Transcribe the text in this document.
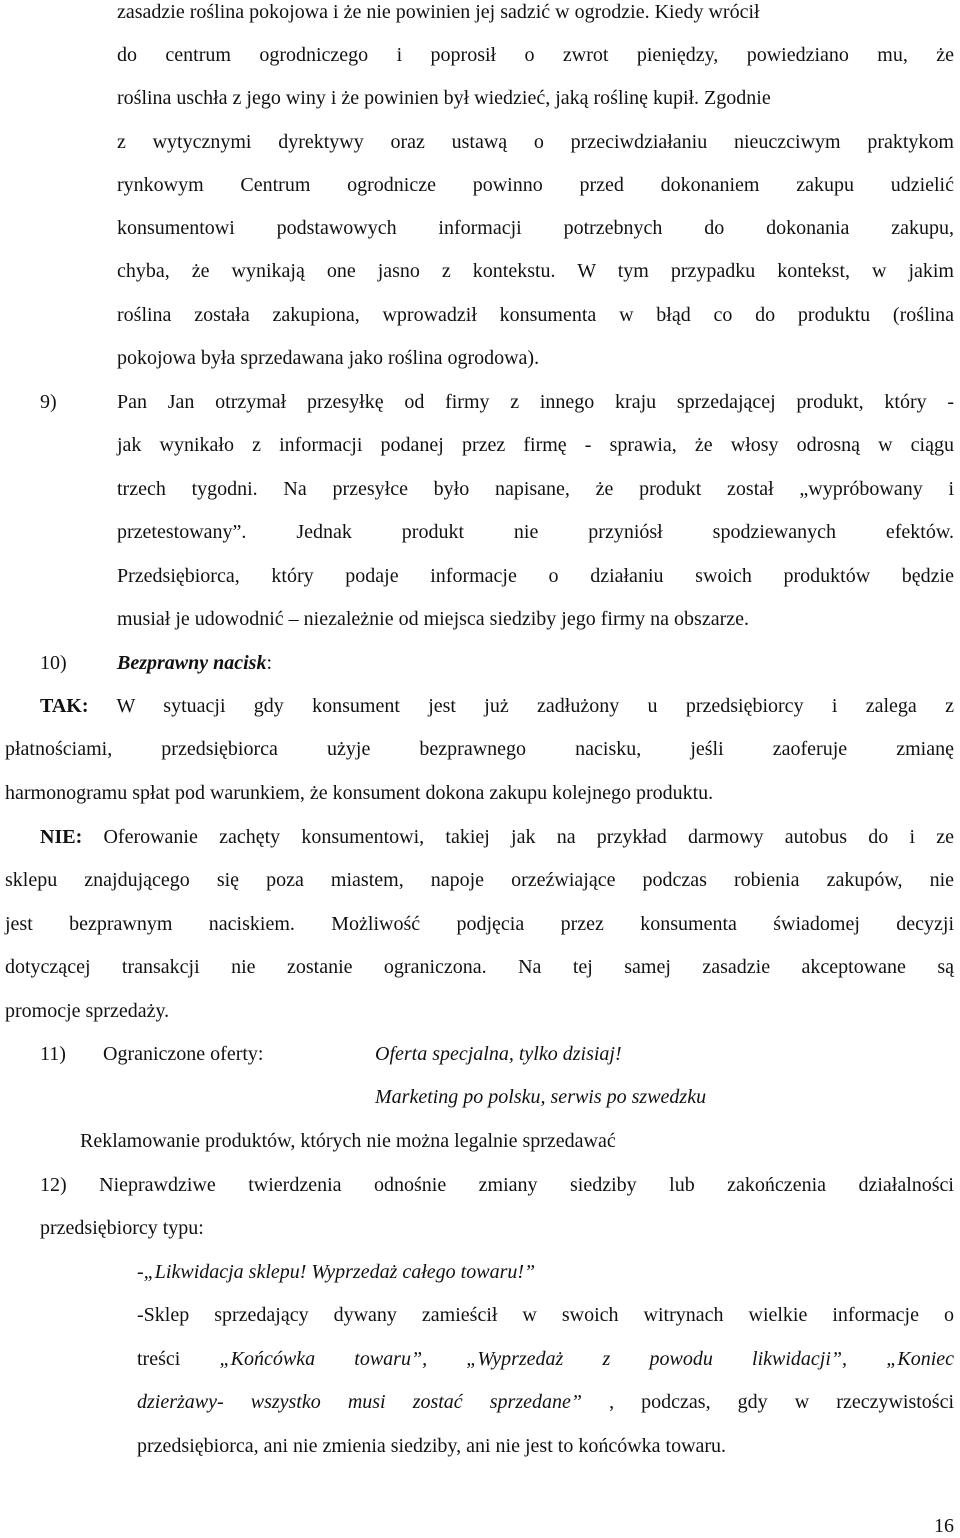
zasadzie roślina pokojowa i że nie powinien jej sadzić w ogrodzie. Kiedy wrócił
do centrum ogrodniczego i poprosił o zwrot pieniędzy, powiedziano mu, że
roślina uschła z jego winy i że powinien był wiedzieć, jaką roślinę kupił. Zgodnie
z wytycznymi dyrektywy oraz ustawą o przeciwdziałaniu nieuczciwym praktykom
rynkowym Centrum ogrodnicze powinno przed dokonaniem zakupu udzielić
konsumentowi podstawowych informacji potrzebnych do dokonania zakupu,
chyba, że wynikają one jasno z kontekstu. W tym przypadku kontekst, w jakim
roślina została zakupiona, wprowadził konsumenta w błąd co do produktu (roślina
pokojowa była sprzedawana jako roślina ogrodowa).
9)	Pan Jan otrzymał przesyłkę od firmy z innego kraju sprzedającej produkt, który -
jak wynikało z informacji podanej przez firmę - sprawia, że włosy odrosną w ciągu
trzech tygodni. Na przesyłce było napisane, że produkt został „wypróbowany i
przetestowany”. Jednak produkt nie przyniósł spodziewanych efektów.
Przedsiębiorca, który podaje informacje o działaniu swoich produktów będzie
musiał je udowodnić – niezależnie od miejsca siedziby jego firmy na obszarze.
10)	Bezprawny nacisk:
TAK: W sytuacji gdy konsument jest już zadłużony u przedsiębiorcy i zalega z
płatnościami, przedsiębiorca użyje bezprawnego nacisku, jeśli zaoferuje zmianę
harmonogramu spłat pod warunkiem, że konsument dokona zakupu kolejnego produktu.
NIE: Oferowanie zachęty konsumentowi, takiej jak na przykład darmowy autobus do i ze
sklepu znajdującego się poza miastem, napoje orzeźwiające podczas robienia zakupów, nie
jest bezprawnym naciskiem. Możliwość podjęcia przez konsumenta świadomej decyzji
dotyczącej transakcji nie zostanie ograniczona. Na tej samej zasadzie akceptowane są
promocje sprzedaży.
11) Ograniczone oferty:	Oferta specjalna, tylko dzisiaj!
Marketing po polsku, serwis po szwedzku
Reklamowanie produktów, których nie można legalnie sprzedawać
12) Nieprawdziwe twierdzenia odnośnie zmiany siedziby lub zakończenia działalności
przedsiębiorcy typu:
-„Likwidacja sklepu! Wyprzedaż całego towaru!”
-Sklep sprzedający dywany zamieścił w swoich witrynach wielkie informacje o
treści „Końcówka towaru”, „Wyprzedaż z powodu likwidacji”, „Koniec
dzierżawy- wszystko musi zostać sprzedane” , podczas, gdy w rzeczywistości
przedsiębiorca, ani nie zmienia siedziby, ani nie jest to końcówka towaru.
16
